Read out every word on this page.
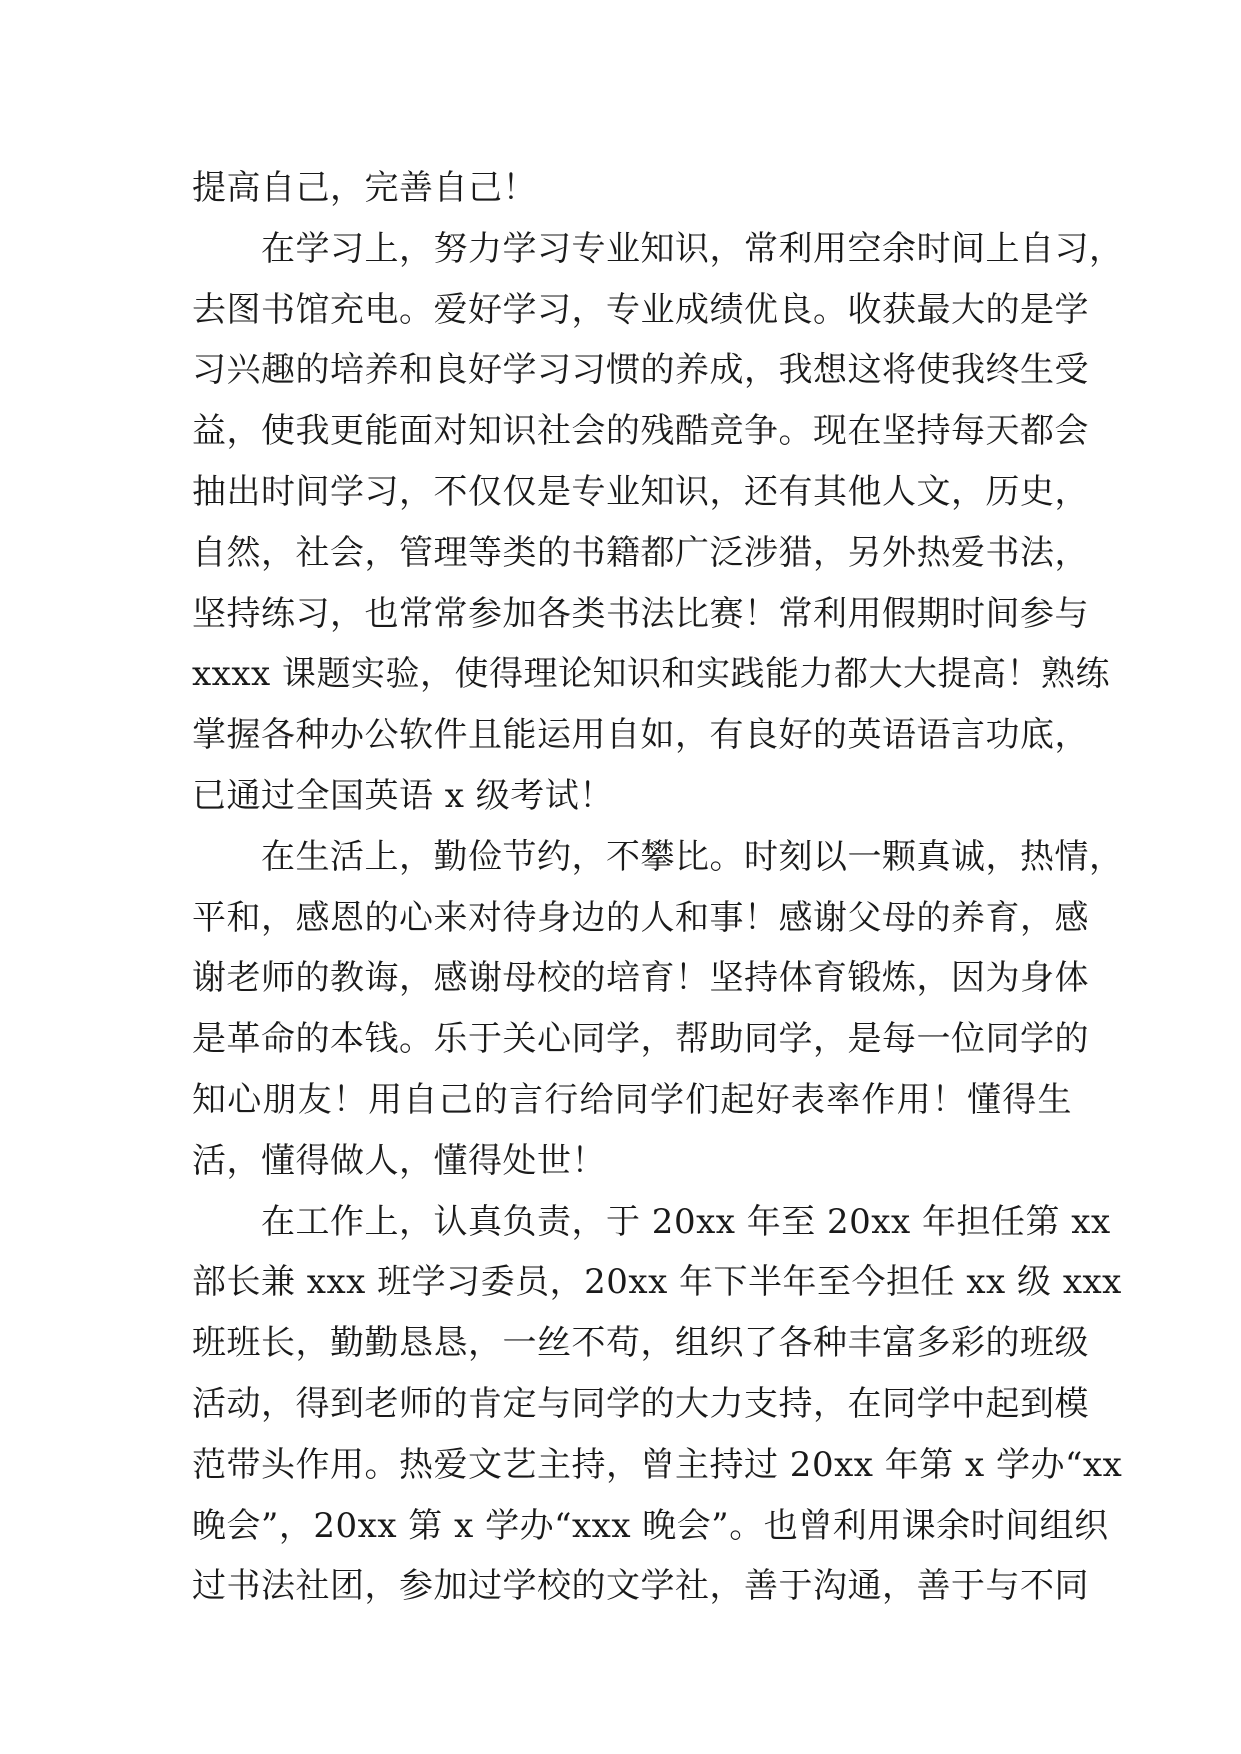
提高自己，完善自己！
　　在学习上，努力学习专业知识，常利用空余时间上自习，
去图书馆充电。爱好学习，专业成绩优良。收获最大的是学
习兴趣的培养和良好学习习惯的养成，我想这将使我终生受
益，使我更能面对知识社会的残酷竞争。现在坚持每天都会
抽出时间学习，不仅仅是专业知识，还有其他人文，历史，
自然，社会，管理等类的书籍都广泛涉猎，另外热爱书法，
坚持练习，也常常参加各类书法比赛！常利用假期时间参与
xxxx 课题实验，使得理论知识和实践能力都大大提高！熟练
掌握各种办公软件且能运用自如，有良好的英语语言功底，
已通过全国英语 x 级考试！
　　在生活上，勤俭节约，不攀比。时刻以一颗真诚，热情，
平和，感恩的心来对待身边的人和事！感谢父母的养育，感
谢老师的教诲，感谢母校的培育！坚持体育锻炼，因为身体
是革命的本钱。乐于关心同学，帮助同学，是每一位同学的
知心朋友！用自己的言行给同学们起好表率作用！懂得生
活，懂得做人，懂得处世！
　　在工作上，认真负责，于 20xx 年至 20xx 年担任第 xx
部长兼 xxx 班学习委员，20xx 年下半年至今担任 xx 级 xxx
班班长，勤勤恳恳，一丝不苟，组织了各种丰富多彩的班级
活动，得到老师的肯定与同学的大力支持，在同学中起到模
范带头作用。热爱文艺主持，曾主持过 20xx 年第 x 学办“xx
晚会”，20xx 第 x 学办“xxx 晚会”。也曾利用课余时间组织
过书法社团，参加过学校的文学社，善于沟通，善于与不同
